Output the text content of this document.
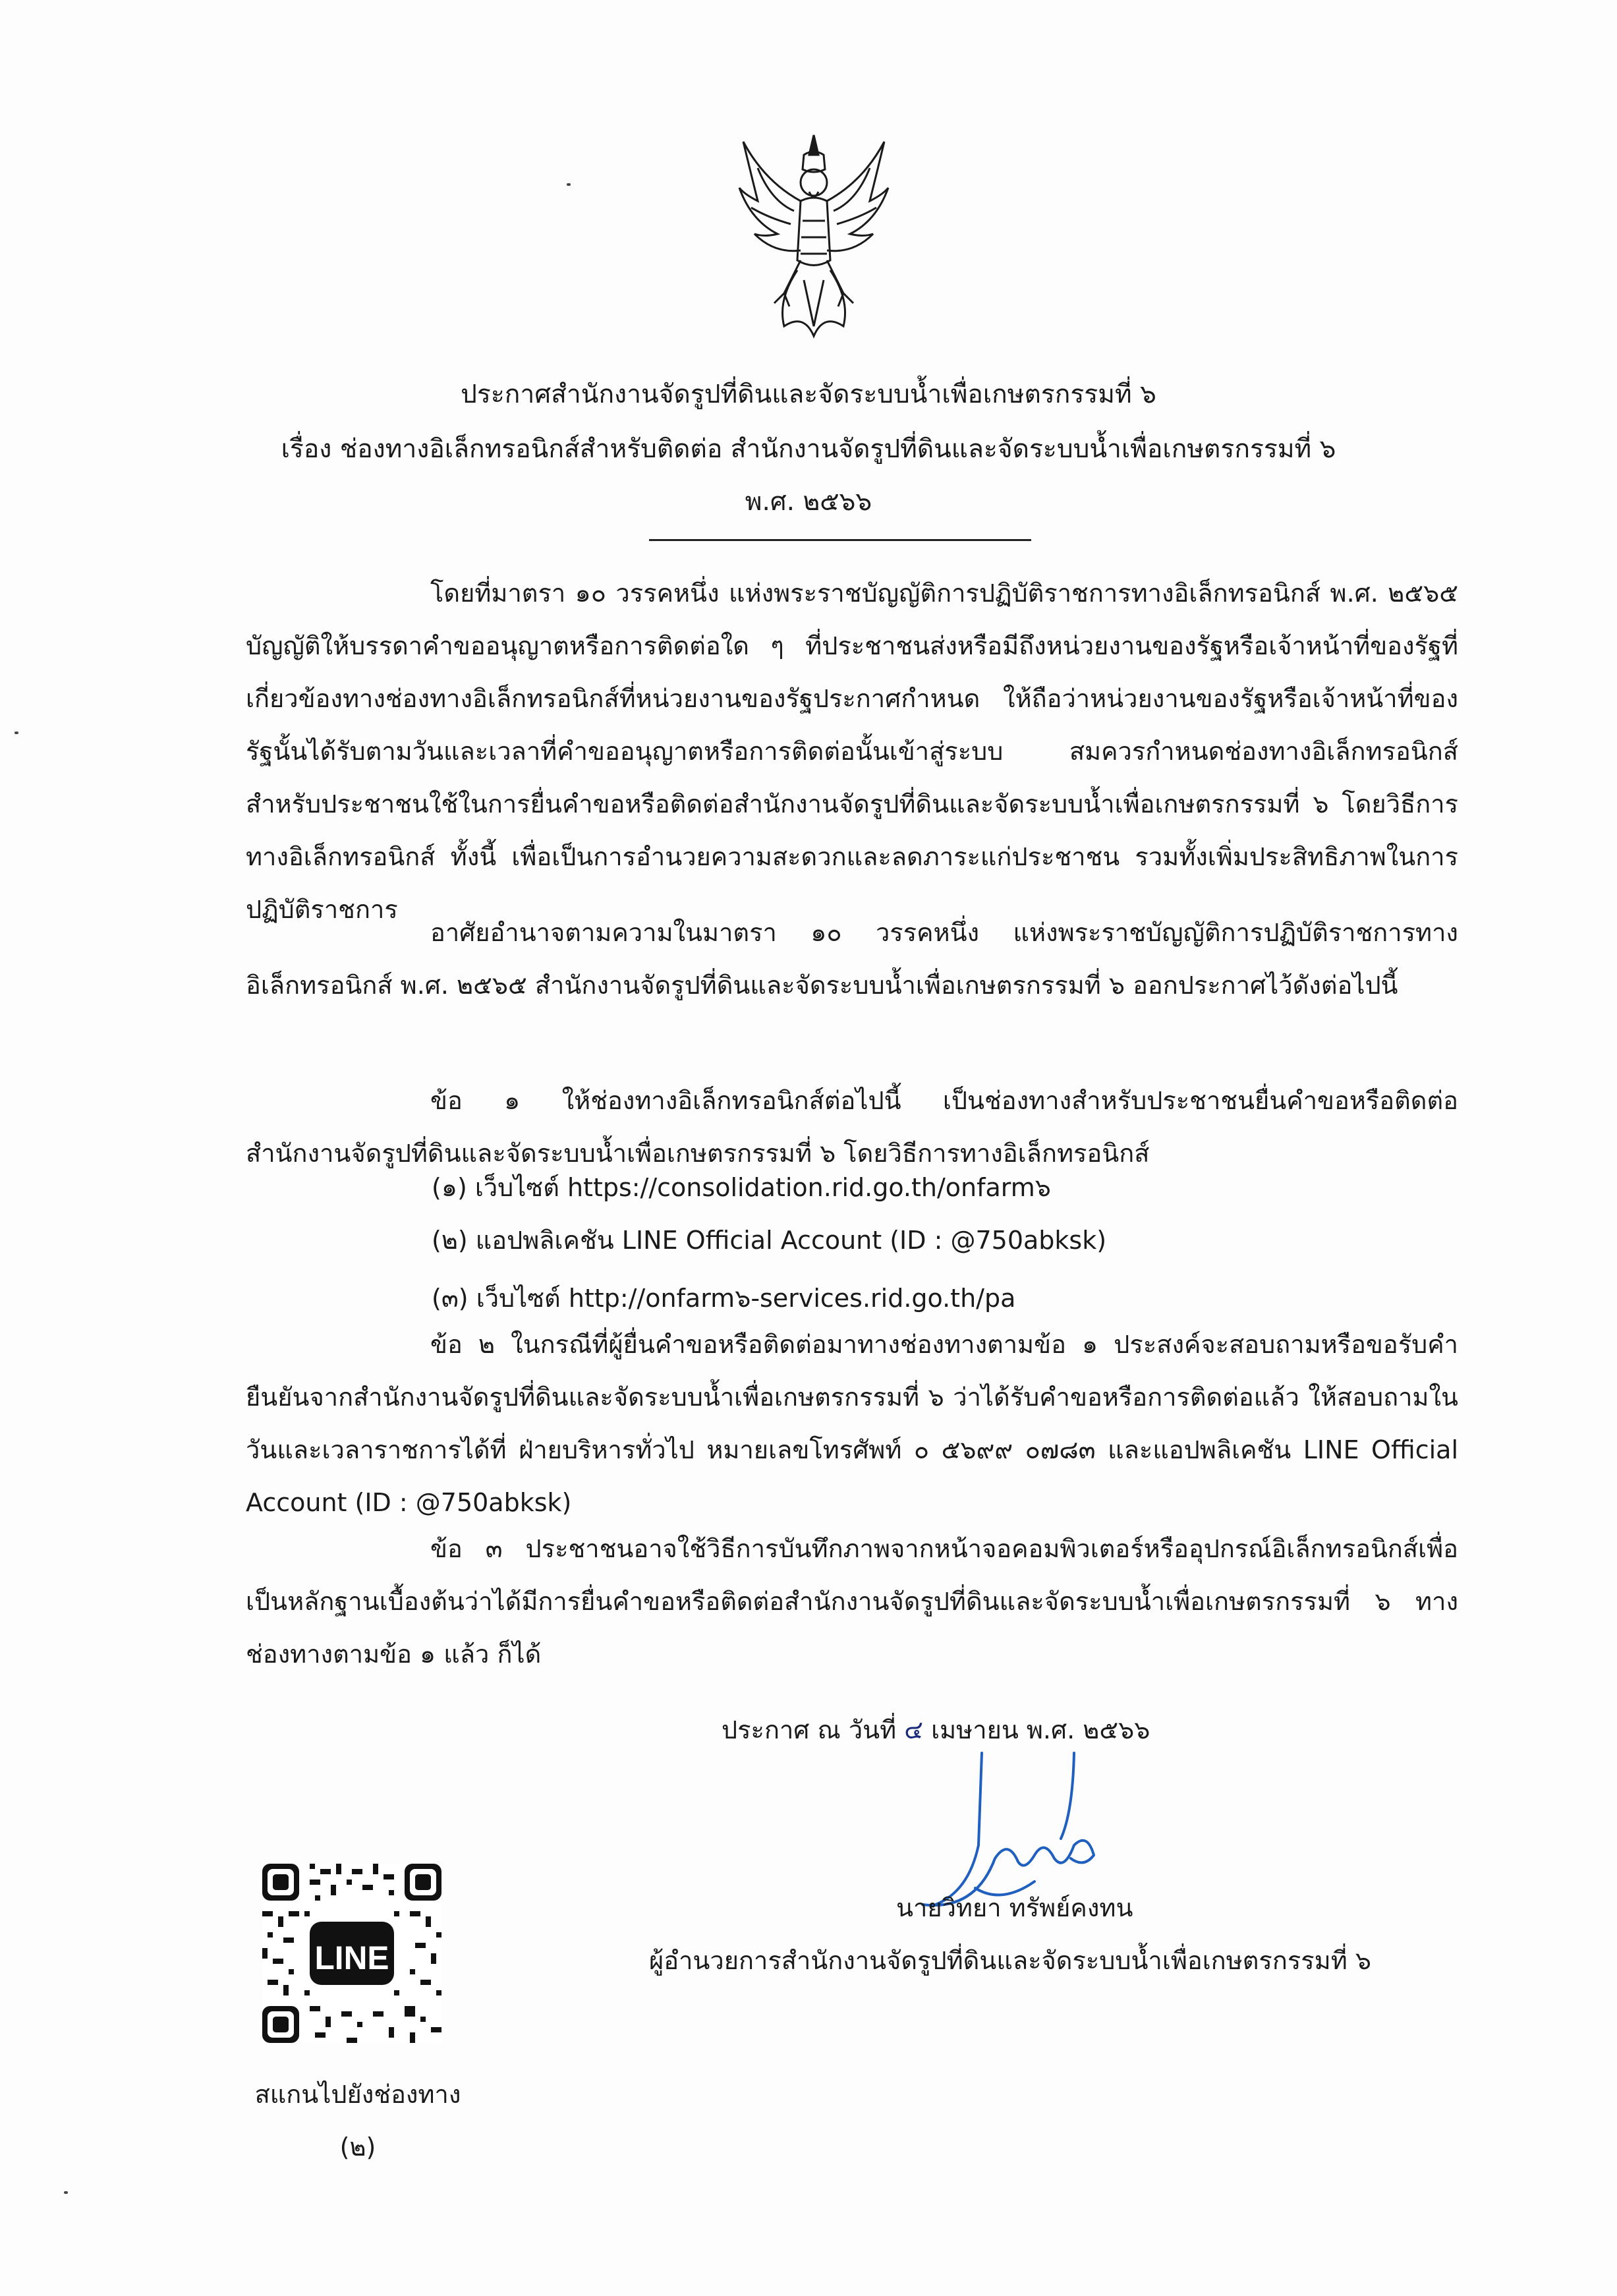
ประกาศสำนักงานจัดรูปที่ดินและจัดระบบน้ำเพื่อเกษตรกรรมที่ ๖
เรื่อง ช่องทางอิเล็กทรอนิกส์สำหรับติดต่อ สำนักงานจัดรูปที่ดินและจัดระบบน้ำเพื่อเกษตรกรรมที่ ๖
พ.ศ. ๒๕๖๖

โดยที่มาตรา ๑๐ วรรคหนึ่ง แห่งพระราชบัญญัติการปฏิบัติราชการทางอิเล็กทรอนิกส์ พ.ศ. ๒๕๖๕ บัญญัติให้บรรดาคำขออนุญาตหรือการติดต่อใด ๆ ที่ประชาชนส่งหรือมีถึงหน่วยงานของรัฐหรือเจ้าหน้าที่ของรัฐที่เกี่ยวข้องทางช่องทางอิเล็กทรอนิกส์ที่หน่วยงานของรัฐประกาศกำหนด ให้ถือว่าหน่วยงานของรัฐหรือเจ้าหน้าที่ของรัฐนั้นได้รับตามวันและเวลาที่คำขออนุญาตหรือการติดต่อนั้นเข้าสู่ระบบ สมควรกำหนดช่องทางอิเล็กทรอนิกส์สำหรับประชาชนใช้ในการยื่นคำขอหรือติดต่อสำนักงานจัดรูปที่ดินและจัดระบบน้ำเพื่อเกษตรกรรมที่ ๖ โดยวิธีการทางอิเล็กทรอนิกส์ ทั้งนี้ เพื่อเป็นการอำนวยความสะดวกและลดภาระแก่ประชาชน รวมทั้งเพิ่มประสิทธิภาพในการปฏิบัติราชการ

อาศัยอำนาจตามความในมาตรา ๑๐ วรรคหนึ่ง แห่งพระราชบัญญัติการปฏิบัติราชการทางอิเล็กทรอนิกส์ พ.ศ. ๒๕๖๕ สำนักงานจัดรูปที่ดินและจัดระบบน้ำเพื่อเกษตรกรรมที่ ๖ ออกประกาศไว้ดังต่อไปนี้

ข้อ ๑ ให้ช่องทางอิเล็กทรอนิกส์ต่อไปนี้ เป็นช่องทางสำหรับประชาชนยื่นคำขอหรือติดต่อสำนักงานจัดรูปที่ดินและจัดระบบน้ำเพื่อเกษตรกรรมที่ ๖ โดยวิธีการทางอิเล็กทรอนิกส์

(๑) เว็บไซต์ https://consolidation.rid.go.th/onfarm๖
(๒) แอปพลิเคชัน LINE Official Account (ID : @750abksk)
(๓) เว็บไซต์ http://onfarm๖-services.rid.go.th/pa

ข้อ ๒ ในกรณีที่ผู้ยื่นคำขอหรือติดต่อมาทางช่องทางตามข้อ ๑ ประสงค์จะสอบถามหรือขอรับคำยืนยันจากสำนักงานจัดรูปที่ดินและจัดระบบน้ำเพื่อเกษตรกรรมที่ ๖ ว่าได้รับคำขอหรือการติดต่อแล้ว ให้สอบถามในวันและเวลาราชการได้ที่ ฝ่ายบริหารทั่วไป หมายเลขโทรศัพท์ ๐ ๕๖๙๙ ๐๗๘๓ และแอปพลิเคชัน LINE Official Account (ID : @750abksk)

ข้อ ๓ ประชาชนอาจใช้วิธีการบันทึกภาพจากหน้าจอคอมพิวเตอร์หรืออุปกรณ์อิเล็กทรอนิกส์เพื่อเป็นหลักฐานเบื้องต้นว่าได้มีการยื่นคำขอหรือติดต่อสำนักงานจัดรูปที่ดินและจัดระบบน้ำเพื่อเกษตรกรรมที่ ๖ ทางช่องทางตามข้อ ๑ แล้ว ก็ได้

ประกาศ ณ วันที่ ๔ เมษายน พ.ศ. ๒๕๖๖
นายวิทยา ทรัพย์คงทน
ผู้อำนวยการสำนักงานจัดรูปที่ดินและจัดระบบน้ำเพื่อเกษตรกรรมที่ ๖
LINE
สแกนไปยังช่องทาง
(๒)
